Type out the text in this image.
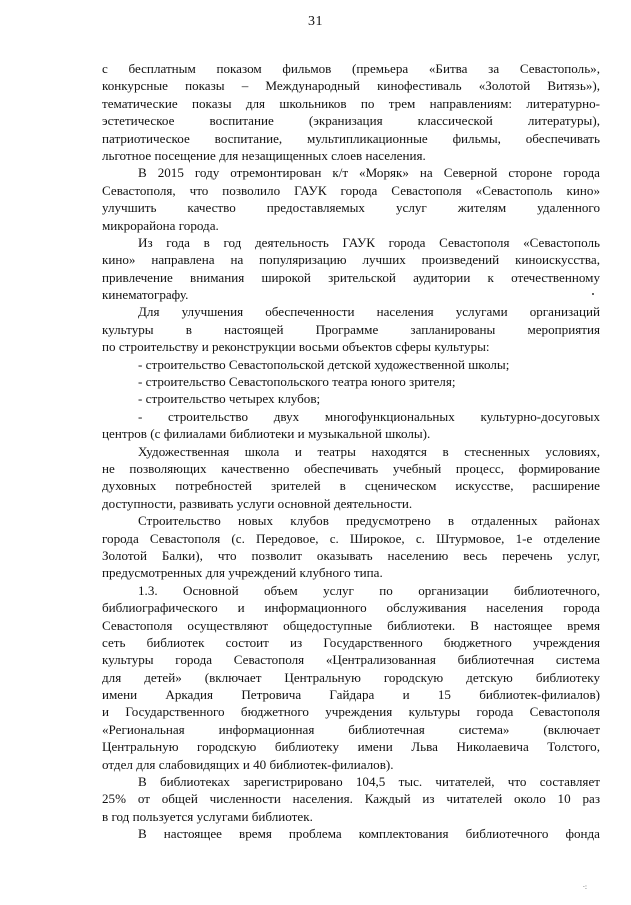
31
с бесплатным показом фильмов (премьера «Битва за Севастополь»,
конкурсные показы – Международный кинофестиваль «Золотой Витязь»),
тематические показы для школьников по трем направлениям: литературно-
эстетическое воспитание (экранизация классической литературы),
патриотическое воспитание, мультипликационные фильмы, обеспечивать
льготное посещение для незащищенных слоев населения.
В 2015 году отремонтирован к/т «Моряк» на Северной стороне города
Севастополя, что позволило ГАУК города Севастополя «Севастополь кино»
улучшить качество предоставляемых услуг жителям удаленного
микрорайона города.
Из года в год деятельность ГАУК города Севастополя «Севастополь
кино» направлена на популяризацию лучших произведений киноискусства,
привлечение внимания широкой зрительской аудитории к отечественному
кинематографу.
Для улучшения обеспеченности населения услугами организаций
культуры в настоящей Программе запланированы мероприятия
по строительству и реконструкции восьми объектов сферы культуры:
- строительство Севастопольской детской художественной школы;
- строительство Севастопольского театра юного зрителя;
- строительство четырех клубов;
- строительство двух многофункциональных культурно-досуговых
центров (с филиалами библиотеки и музыкальной школы).
Художественная школа и театры находятся в стесненных условиях,
не позволяющих качественно обеспечивать учебный процесс, формирование
духовных потребностей зрителей в сценическом искусстве, расширение
доступности, развивать услуги основной деятельности.
Строительство новых клубов предусмотрено в отдаленных районах
города Севастополя (с. Передовое, с. Широкое, с. Штурмовое, 1-е отделение
Золотой Балки), что позволит оказывать населению весь перечень услуг,
предусмотренных для учреждений клубного типа.
1.3. Основной объем услуг по организации библиотечного,
библиографического и информационного обслуживания населения города
Севастополя осуществляют общедоступные библиотеки. В настоящее время
сеть библиотек состоит из Государственного бюджетного учреждения
культуры города Севастополя «Централизованная библиотечная система
для детей» (включает Центральную городскую детскую библиотеку
имени Аркадия Петровича Гайдара и 15 библиотек-филиалов)
и Государственного бюджетного учреждения культуры города Севастополя
«Региональная информационная библиотечная система» (включает
Центральную городскую библиотеку имени Льва Николаевича Толстого,
отдел для слабовидящих и 40 библиотек-филиалов).
В библиотеках зарегистрировано 104,5 тыс. читателей, что составляет
25% от общей численности населения. Каждый из читателей около 10 раз
в год пользуется услугами библиотек.
В настоящее время проблема комплектования библиотечного фонда
·:
